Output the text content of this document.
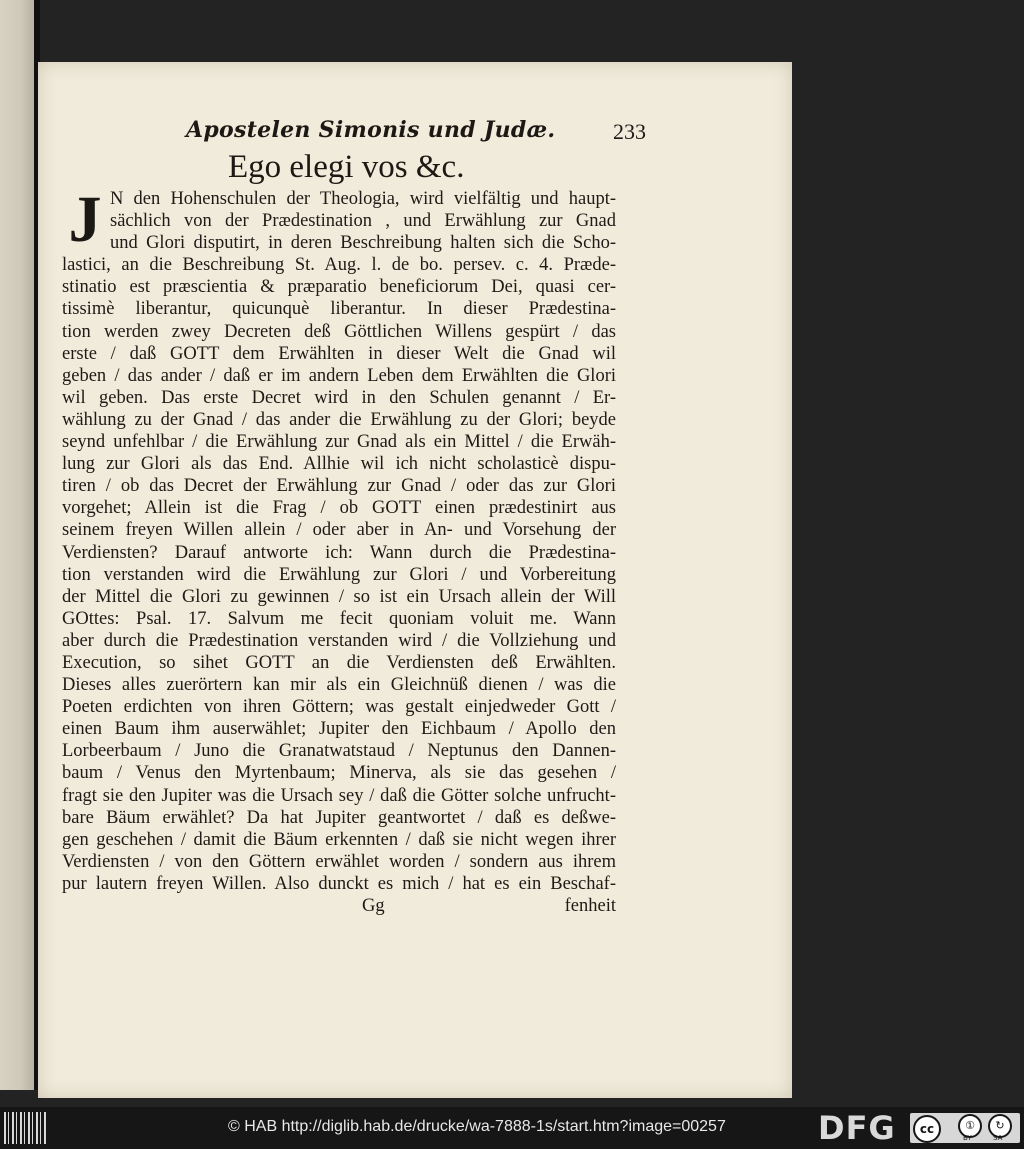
Apostelen Simonis und Judæ.	233
Ego elegi vos &c.
J N den Hohenschulen der Theologia, wird vielfältig und haupt-
sächlich von der Prædestination , und Erwählung zur Gnad
und Glori disputirt, in deren Beschreibung halten sich die Scho-
lastici, an die Beschreibung St. Aug. l. de bo. persev. c. 4. Præde-
stinatio est præscientia & præparatio beneficiorum Dei, quasi cer-
tissimè liberantur, quicunquè liberantur. In dieser Prædestina-
tion werden zwey Decreten deß Göttlichen Willens gespürt / das
erste / daß GOTT dem Erwählten in dieser Welt die Gnad wil
geben / das ander / daß er im andern Leben dem Erwählten die Glori
wil geben. Das erste Decret wird in den Schulen genannt / Er-
wählung zu der Gnad / das ander die Erwählung zu der Glori; beyde
seynd unfehlbar / die Erwählung zur Gnad als ein Mittel / die Erwäh-
lung zur Glori als das End. Allhie wil ich nicht scholasticè dispu-
tiren / ob das Decret der Erwählung zur Gnad / oder das zur Glori
vorgehet; Allein ist die Frag / ob GOTT einen prædestinirt aus
seinem freyen Willen allein / oder aber in An- und Vorsehung der
Verdiensten? Darauf antworte ich: Wann durch die Prædestina-
tion verstanden wird die Erwählung zur Glori / und Vorbereitung
der Mittel die Glori zu gewinnen / so ist ein Ursach allein der Will
GOttes: Psal. 17. Salvum me fecit quoniam voluit me. Wann
aber durch die Prædestination verstanden wird / die Vollziehung und
Execution, so sihet GOTT an die Verdiensten deß Erwählten.
Dieses alles zuerörtern kan mir als ein Gleichnüß dienen / was die
Poeten erdichten von ihren Göttern; was gestalt einjedweder Gott /
einen Baum ihm auserwählet; Jupiter den Eichbaum / Apollo den
Lorbeerbaum / Juno die Granatwatstaud / Neptunus den Dannen-
baum / Venus den Myrtenbaum; Minerva, als sie das gesehen /
fragt sie den Jupiter was die Ursach sey / daß die Götter solche unfrucht-
bare Bäum erwählet? Da hat Jupiter geantwortet / daß es deßwe-
gen geschehen / damit die Bäum erkennten / daß sie nicht wegen ihrer
Verdiensten / von den Göttern erwählet worden / sondern aus ihrem
pur lautern freyen Willen. Also dunckt es mich / hat es ein Beschaf-
Gg	fenheit
© HAB http://diglib.hab.de/drucke/wa-7888-1s/start.htm?image=00257	DFG	cc	①	↻
BY	SA
